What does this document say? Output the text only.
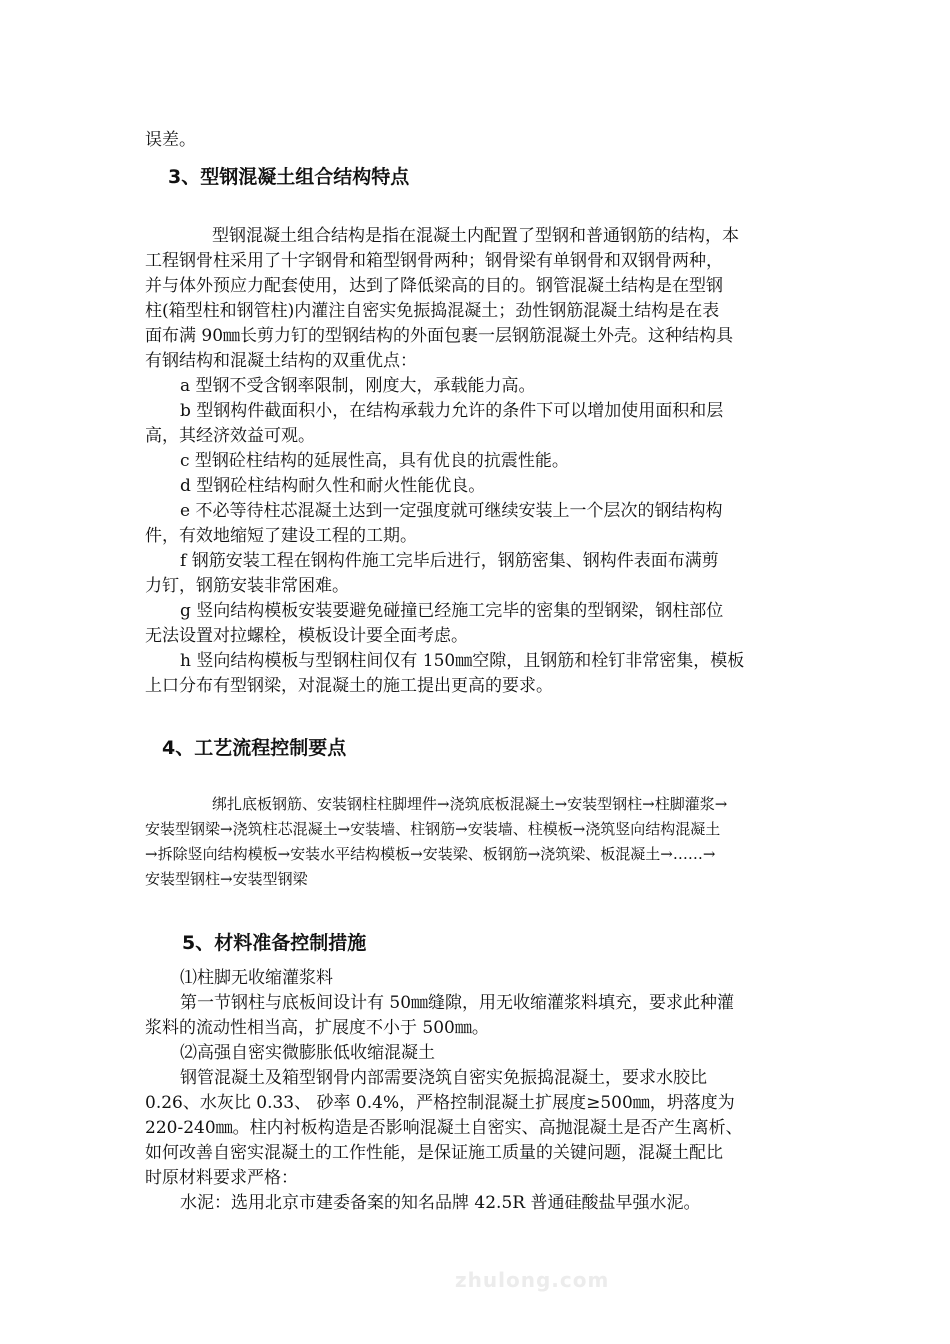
误差。
3、型钢混凝土组合结构特点
型钢混凝土组合结构是指在混凝土内配置了型钢和普通钢筋的结构，本
工程钢骨柱采用了十字钢骨和箱型钢骨两种；钢骨梁有单钢骨和双钢骨两种，
并与体外预应力配套使用，达到了降低梁高的目的。钢管混凝土结构是在型钢
柱(箱型柱和钢管柱)内灌注自密实免振捣混凝土；劲性钢筋混凝土结构是在表
面布满 90㎜长剪力钉的型钢结构的外面包裹一层钢筋混凝土外壳。这种结构具
有钢结构和混凝土结构的双重优点：
a 型钢不受含钢率限制，刚度大，承载能力高。
b 型钢构件截面积小，在结构承载力允许的条件下可以增加使用面积和层
高，其经济效益可观。
c 型钢砼柱结构的延展性高，具有优良的抗震性能。
d 型钢砼柱结构耐久性和耐火性能优良。
e 不必等待柱芯混凝土达到一定强度就可继续安装上一个层次的钢结构构
件，有效地缩短了建设工程的工期。
f 钢筋安装工程在钢构件施工完毕后进行，钢筋密集、钢构件表面布满剪
力钉，钢筋安装非常困难。
g 竖向结构模板安装要避免碰撞已经施工完毕的密集的型钢梁，钢柱部位
无法设置对拉螺栓，模板设计要全面考虑。
h 竖向结构模板与型钢柱间仅有 150㎜空隙，且钢筋和栓钉非常密集，模板
上口分布有型钢梁，对混凝土的施工提出更高的要求。
4、工艺流程控制要点
绑扎底板钢筋、安装钢柱柱脚埋件→浇筑底板混凝土→安装型钢柱→柱脚灌浆→
安装型钢梁→浇筑柱芯混凝土→安装墙、柱钢筋→安装墙、柱模板→浇筑竖向结构混凝土
→拆除竖向结构模板→安装水平结构模板→安装梁、板钢筋→浇筑梁、板混凝土→……→
安装型钢柱→安装型钢梁
5、材料准备控制措施
⑴柱脚无收缩灌浆料
第一节钢柱与底板间设计有 50㎜缝隙，用无收缩灌浆料填充，要求此种灌
浆料的流动性相当高，扩展度不小于 500㎜。
⑵高强自密实微膨胀低收缩混凝土
钢管混凝土及箱型钢骨内部需要浇筑自密实免振捣混凝土，要求水胶比
0.26、水灰比 0.33、 砂率 0.4%，严格控制混凝土扩展度≥500㎜，坍落度为
220-240㎜。柱内衬板构造是否影响混凝土自密实、高抛混凝土是否产生离析、
如何改善自密实混凝土的工作性能，是保证施工质量的关键问题，混凝土配比
时原材料要求严格：
水泥：选用北京市建委备案的知名品牌 42.5R 普通硅酸盐早强水泥。
zhulong.com
